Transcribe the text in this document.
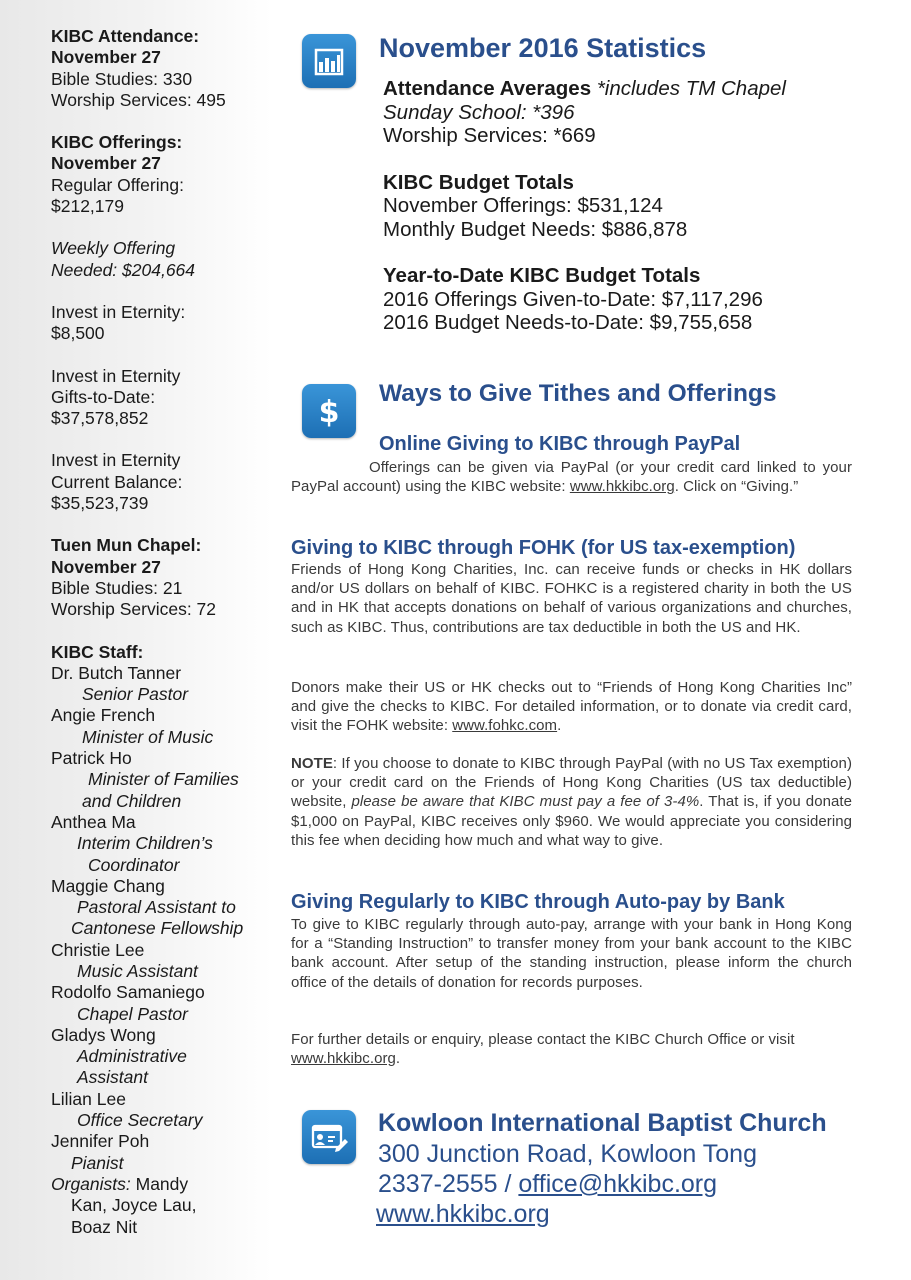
KIBC Attendance:

November 27

Bible Studies: 330

Worship Services: 495

KIBC Offerings:

November 27

Regular Offering:

$212,179

Weekly Offering

Needed: $204,664

Invest in Eternity:

$8,500

Invest in Eternity

Gifts-to-Date:

$37,578,852

Invest in Eternity

Current Balance:

$35,523,739

Tuen Mun Chapel:

November 27

Bible Studies: 21

Worship Services: 72

KIBC Staff:

Dr. Butch Tanner

Senior Pastor

Angie French

Minister of Music

Patrick Ho

Minister of Families

and Children

Anthea Ma

Interim Children’s

Coordinator

Maggie Chang

Pastoral Assistant to

Cantonese Fellowship

Christie Lee

Music Assistant

Rodolfo Samaniego

Chapel Pastor

Gladys Wong

Administrative

Assistant

Lilian Lee

Office Secretary

Jennifer Poh

Pianist

Organists: Mandy

Kan, Joyce Lau,

Boaz Nit

November 2016 Statistics

Attendance Averages *includes TM Chapel

Sunday School: *396

Worship Services: *669

KIBC Budget Totals

November Offerings: $531,124

Monthly Budget Needs: $886,878

Year-to-Date KIBC Budget Totals

2016 Offerings Given-to-Date: $7,117,296

2016 Budget Needs-to-Date: $9,755,658

$
Ways to Give Tithes and Offerings
Online Giving to KIBC through PayPal

Offerings can be given via PayPal (or your credit card linked to your PayPal account) using the KIBC website: www.hkkibc.org. Click on “Giving.”

Giving to KIBC through FOHK (for US tax-exemption)

Friends of Hong Kong Charities, Inc. can receive funds or checks in HK dollars and/or US dollars on behalf of KIBC. FOHKC is a registered charity in both the US and in HK that accepts donations on behalf of various organizations and churches, such as KIBC. Thus, contributions are tax deductible in both the US and HK.

Donors make their US or HK checks out to “Friends of Hong Kong Charities Inc” and give the checks to KIBC. For detailed information, or to donate via credit card, visit the FOHK website: www.fohkc.com.

NOTE: If you choose to donate to KIBC through PayPal (with no US Tax exemption) or your credit card on the Friends of Hong Kong Charities (US tax deductible) website, please be aware that KIBC must pay a fee of 3-4%. That is, if you donate $1,000 on PayPal, KIBC receives only $960. We would appreciate you considering this fee when deciding how much and what way to give.

Giving Regularly to KIBC through Auto-pay by Bank

To give to KIBC regularly through auto-pay, arrange with your bank in Hong Kong for a “Standing Instruction” to transfer money from your bank account to the KIBC bank account. After setup of the standing instruction, please inform the church office of the details of donation for records purposes.

For further details or enquiry, please contact the KIBC Church Office or visit www.hkkibc.org.

Kowloon International Baptist Church
300 Junction Road, Kowloon Tong
2337-2555 / office@hkkibc.org
www.hkkibc.org
